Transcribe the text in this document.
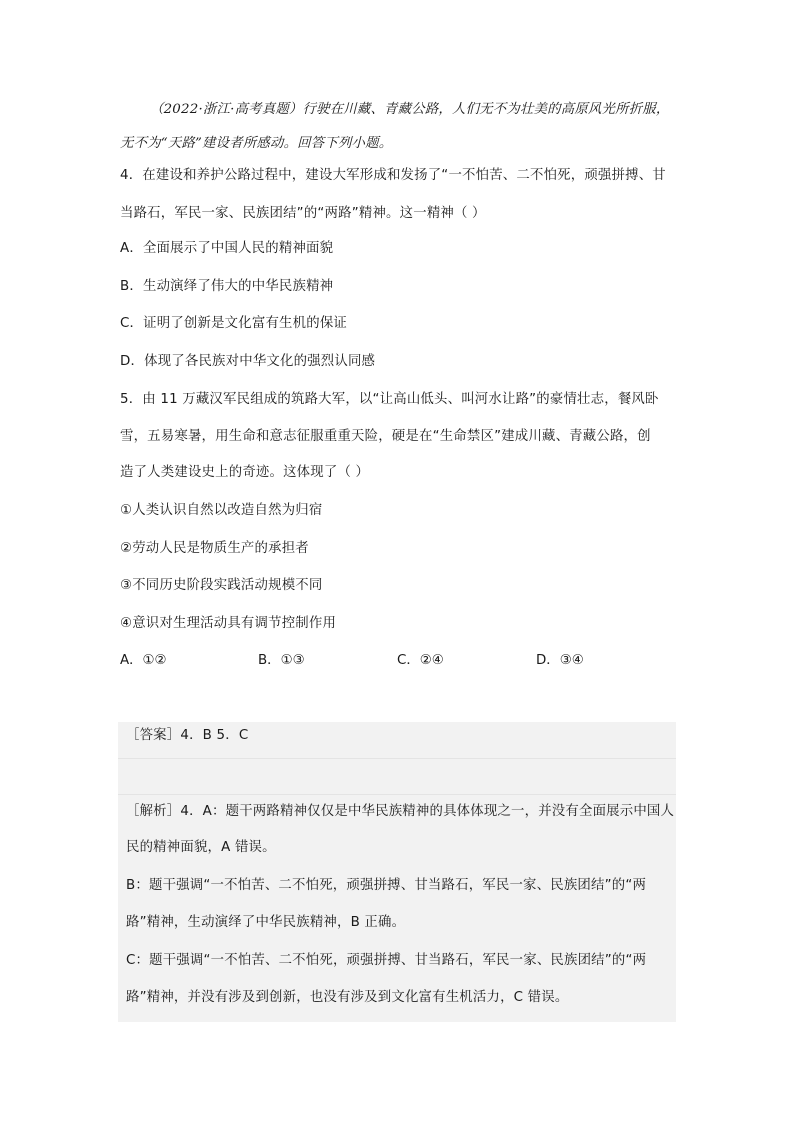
（2022·浙江·高考真题）行驶在川藏、青藏公路，人们无不为壮美的高原风光所折服，
无不为“天路”建设者所感动。回答下列小题。
4．在建设和养护公路过程中，建设大军形成和发扬了“一不怕苦、二不怕死，顽强拼搏、甘
当路石，军民一家、民族团结”的“两路”精神。这一精神（ ）
A．全面展示了中国人民的精神面貌
B．生动演绎了伟大的中华民族精神
C．证明了创新是文化富有生机的保证
D．体现了各民族对中华文化的强烈认同感
5．由 11 万藏汉军民组成的筑路大军，以“让高山低头、叫河水让路”的豪情壮志，餐风卧
雪，五易寒暑，用生命和意志征服重重天险，硬是在“生命禁区”建成川藏、青藏公路，创
造了人类建设史上的奇迹。这体现了（ ）
①人类认识自然以改造自然为归宿
②劳动人民是物质生产的承担者
③不同历史阶段实践活动规模不同
④意识对生理活动具有调节控制作用
A．①②	B．①③	C．②④	D．③④
［答案］4．B 5．C
［解析］4．A：题干两路精神仅仅是中华民族精神的具体体现之一，并没有全面展示中国人
民的精神面貌，A 错误。
B：题干强调“一不怕苦、二不怕死，顽强拼搏、甘当路石，军民一家、民族团结”的“两
路”精神，生动演绎了中华民族精神，B 正确。
C：题干强调“一不怕苦、二不怕死，顽强拼搏、甘当路石，军民一家、民族团结”的“两
路”精神，并没有涉及到创新，也没有涉及到文化富有生机活力，C 错误。
